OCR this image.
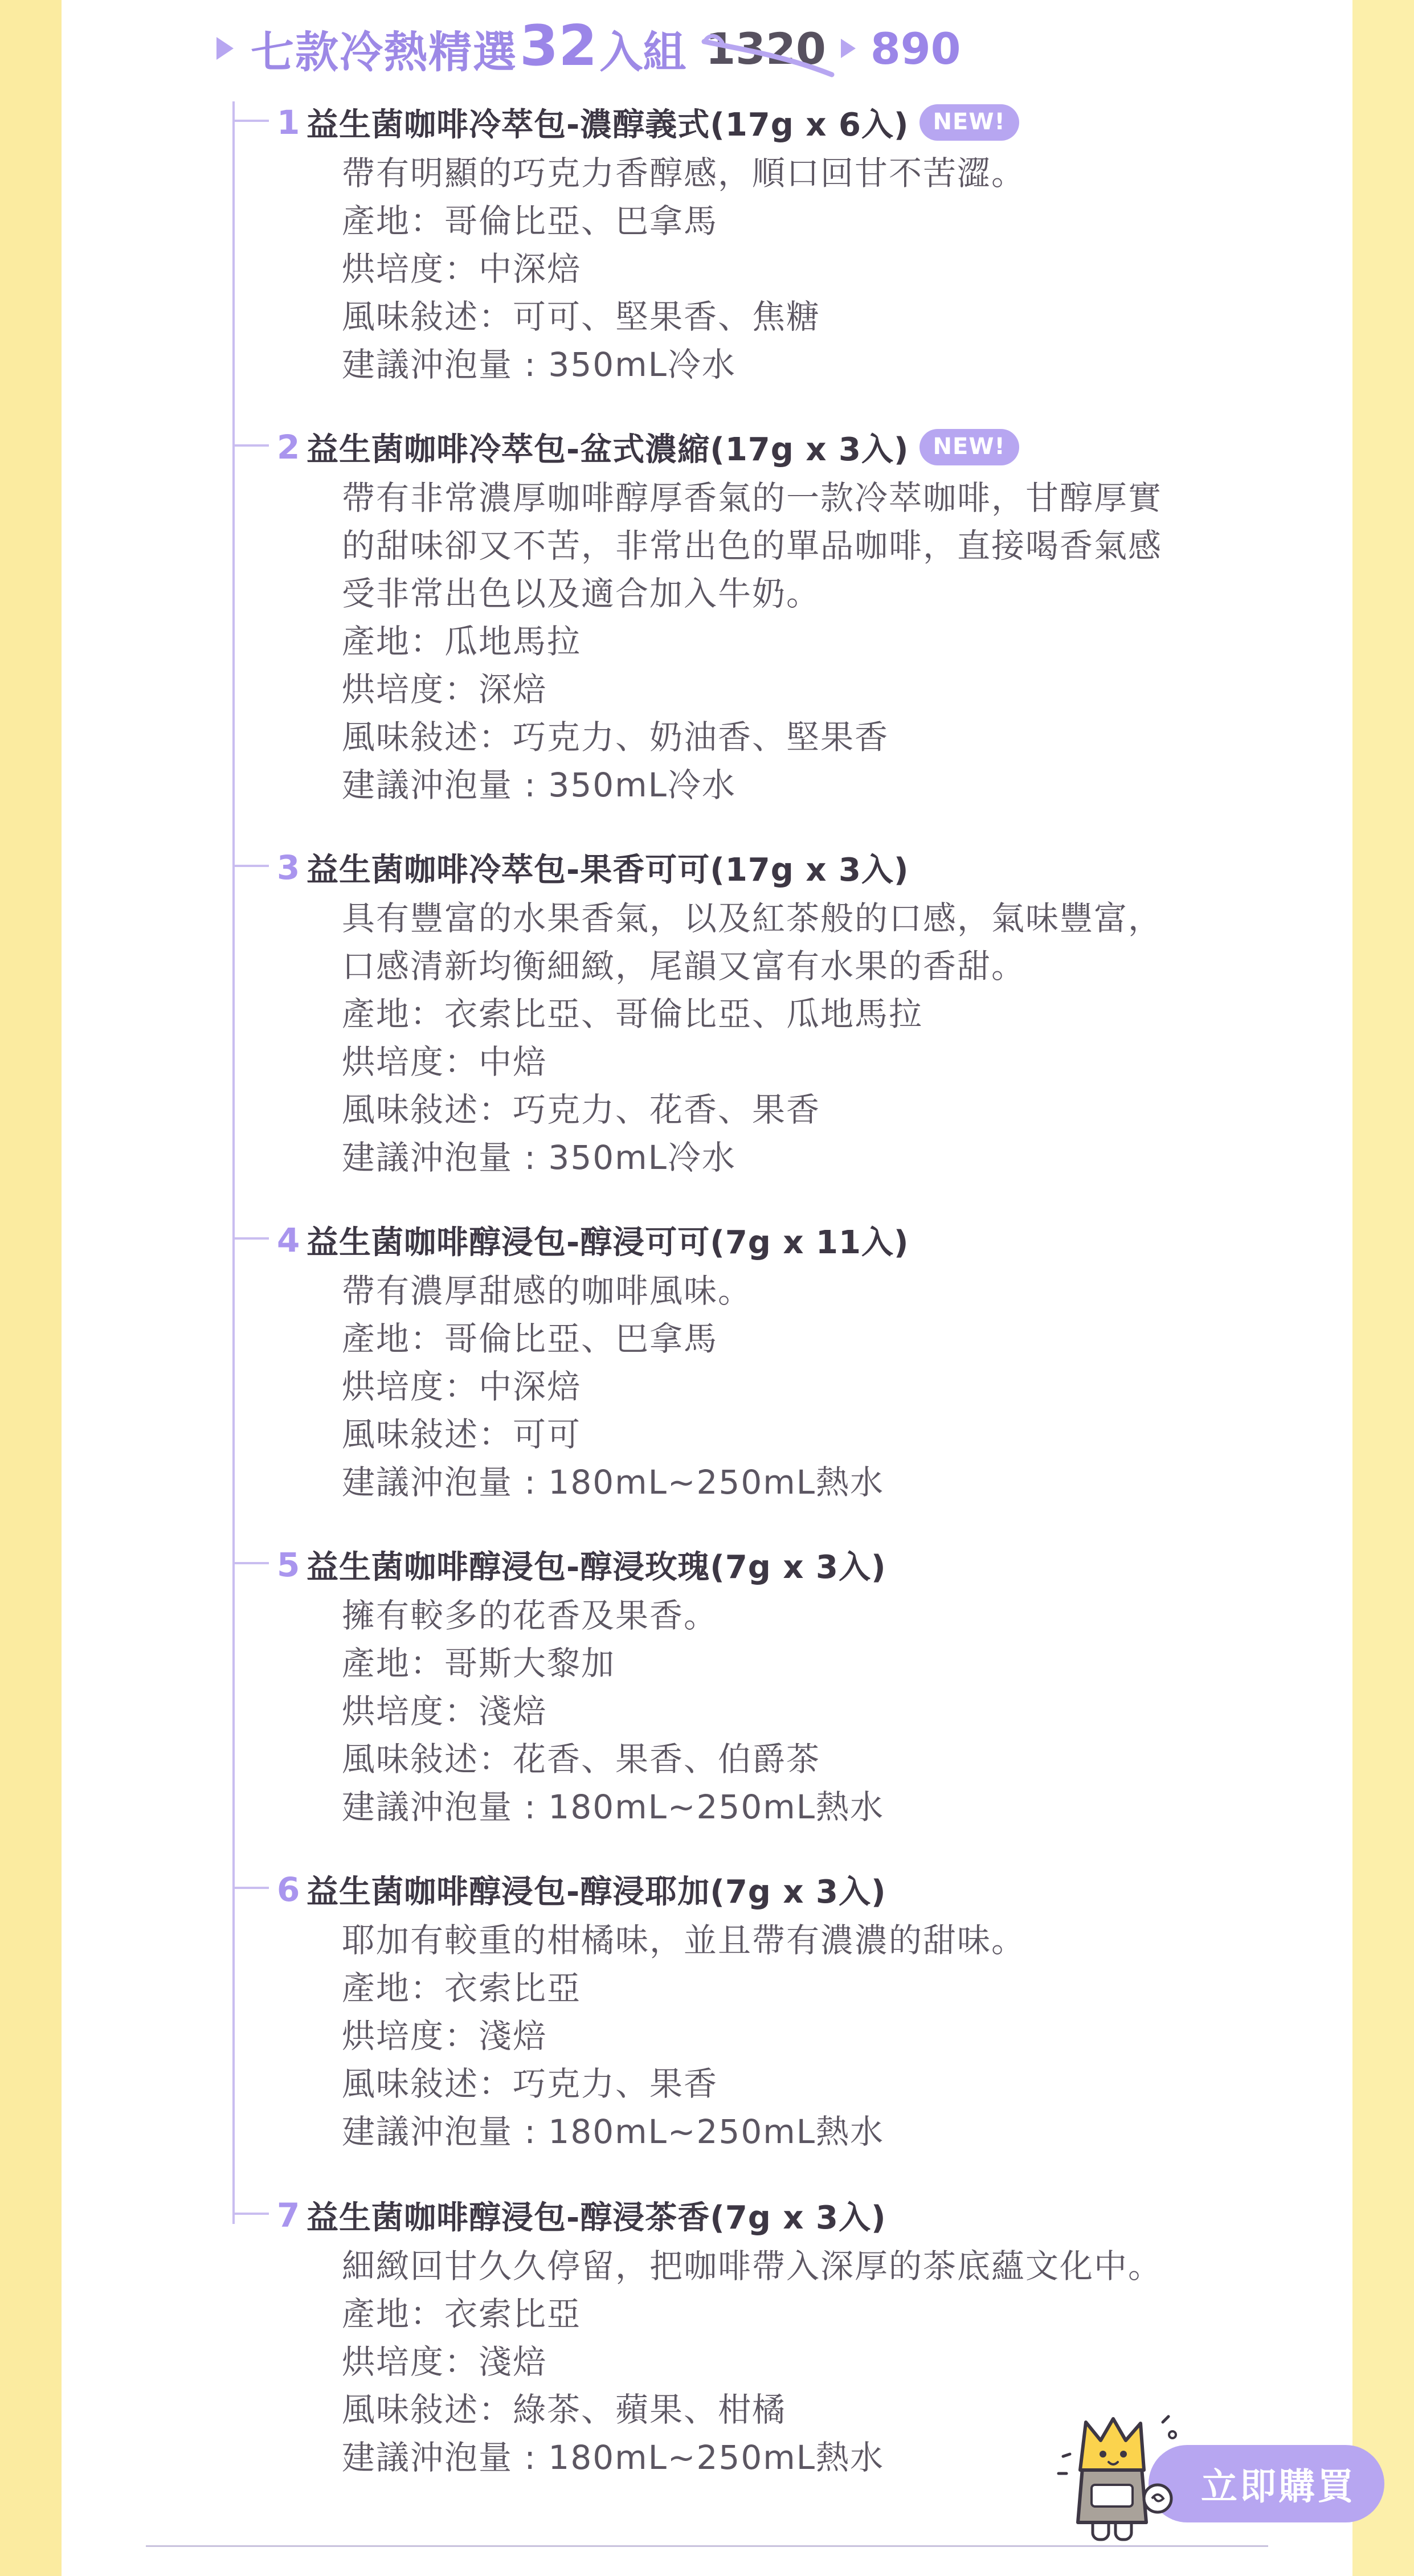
七款冷熱精選 32 入組 1320 890
1 益生菌咖啡冷萃包-濃醇義式(17g x 6入)	NEW!
帶有明顯的巧克力香醇感，順口回甘不苦澀。
產地：哥倫比亞、巴拿馬
烘培度：中深焙
風味敍述：可可、堅果香、焦糖
建議沖泡量 : 350mL冷水
2 益生菌咖啡冷萃包-盆式濃縮(17g x 3入)	NEW!
帶有非常濃厚咖啡醇厚香氣的一款冷萃咖啡，甘醇厚實
的甜味卻又不苦，非常出色的單品咖啡，直接喝香氣感
受非常出色以及適合加入牛奶。
產地：瓜地馬拉
烘培度：深焙
風味敍述：巧克力、奶油香、堅果香
建議沖泡量 : 350mL冷水
3 益生菌咖啡冷萃包-果香可可(17g x 3入)
具有豐富的水果香氣，以及紅茶般的口感，氣味豐富，
口感清新均衡細緻，尾韻又富有水果的香甜。
產地：衣索比亞、哥倫比亞、瓜地馬拉
烘培度：中焙
風味敍述：巧克力、花香、果香
建議沖泡量 : 350mL冷水
4 益生菌咖啡醇浸包-醇浸可可(7g x 11入)
帶有濃厚甜感的咖啡風味。
產地：哥倫比亞、巴拿馬
烘培度：中深焙
風味敍述：可可
建議沖泡量 : 180mL~250mL熱水
5 益生菌咖啡醇浸包-醇浸玫瑰(7g x 3入)
擁有較多的花香及果香。
產地：哥斯大黎加
烘培度：淺焙
風味敍述：花香、果香、伯爵茶
建議沖泡量 : 180mL~250mL熱水
6 益生菌咖啡醇浸包-醇浸耶加(7g x 3入)
耶加有較重的柑橘味，並且帶有濃濃的甜味。
產地：衣索比亞
烘培度：淺焙
風味敍述：巧克力、果香
建議沖泡量 : 180mL~250mL熱水
7 益生菌咖啡醇浸包-醇浸茶香(7g x 3入)
細緻回甘久久停留，把咖啡帶入深厚的茶底蘊文化中。
產地：衣索比亞
烘培度：淺焙
風味敍述：綠茶、蘋果、柑橘
建議沖泡量 : 180mL~250mL熱水
立即購買
